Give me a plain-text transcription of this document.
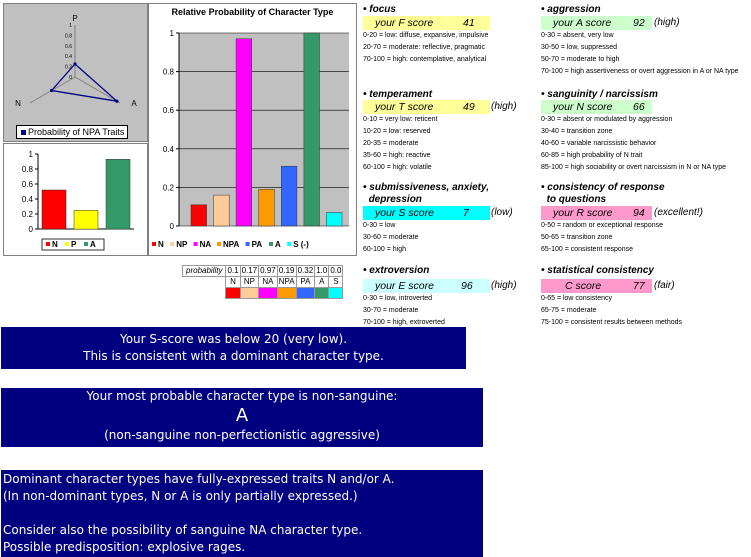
1
0.8
0.6
0.4
0.2
0
P
A
N
Probability of NPA Traits
1
0.8
0.6
0.4
0.2
0
N P A
Relative Probability of Character Type
1
0.8
0.6
0.4
0.2
0
N NP NA NPA PA A S (-)
probability	0.1	0.17	0.97	0.19	0.32	1.0	0.0
	N	NP	NA	NPA	PA	A	S

• focus
your F score	41
0-20 = low: diffuse, expansive, impulsive
20-70 = moderate: reflective, pragmatic
70-100 = high: contemplative, analytical
• temperament
your T score	49 (high)
0-10 = very low: reticent
10-20 = low: reserved
20-35 = moderate
35-60 = high: reactive
60-100 = high: volatile
• submissiveness, anxiety,
depression
your S score	7 (low)
0-30 = low
30-60 = moderate
60-100 = high
• extroversion
your E score	96 (high)
0-30 = low, introverted
30-70 = moderate
70-100 = high, extroverted
• aggression
your A score 92 (high)
0-30 = absent, very low
30-50 = low, suppressed
50-70 = moderate to high
70-100 = high assertiveness or overt aggression in A or NA type
• sanguinity / narcissism
your N score 66
0-30 = absent or modulated by aggression
30-40 = transition zone
40-60 = variable narcissistic behavior
60-85 = high probability of N trait
85-100 = high sociability or overt narcissism in N or NA type
• consistency of response
to questions
your R score 94 (excellent!)
0-50 = random or exceptional response
50-65 = transition zone
65-100 = consistent response
• statistical consistency
C score	77 (fair)
0-65 = low consistency
65-75 = moderate
75-100 = consistent results between methods
Your S-score was below 20 (very low).
This is consistent with a dominant character type.
Your most probable character type is non-sanguine:
A
(non-sanguine non-perfectionistic aggressive)
Dominant character types have fully-expressed traits N and/or A.
(In non-dominant types, N or A is only partially expressed.)
Consider also the possibility of sanguine NA character type.
Possible predisposition: explosive rages.
